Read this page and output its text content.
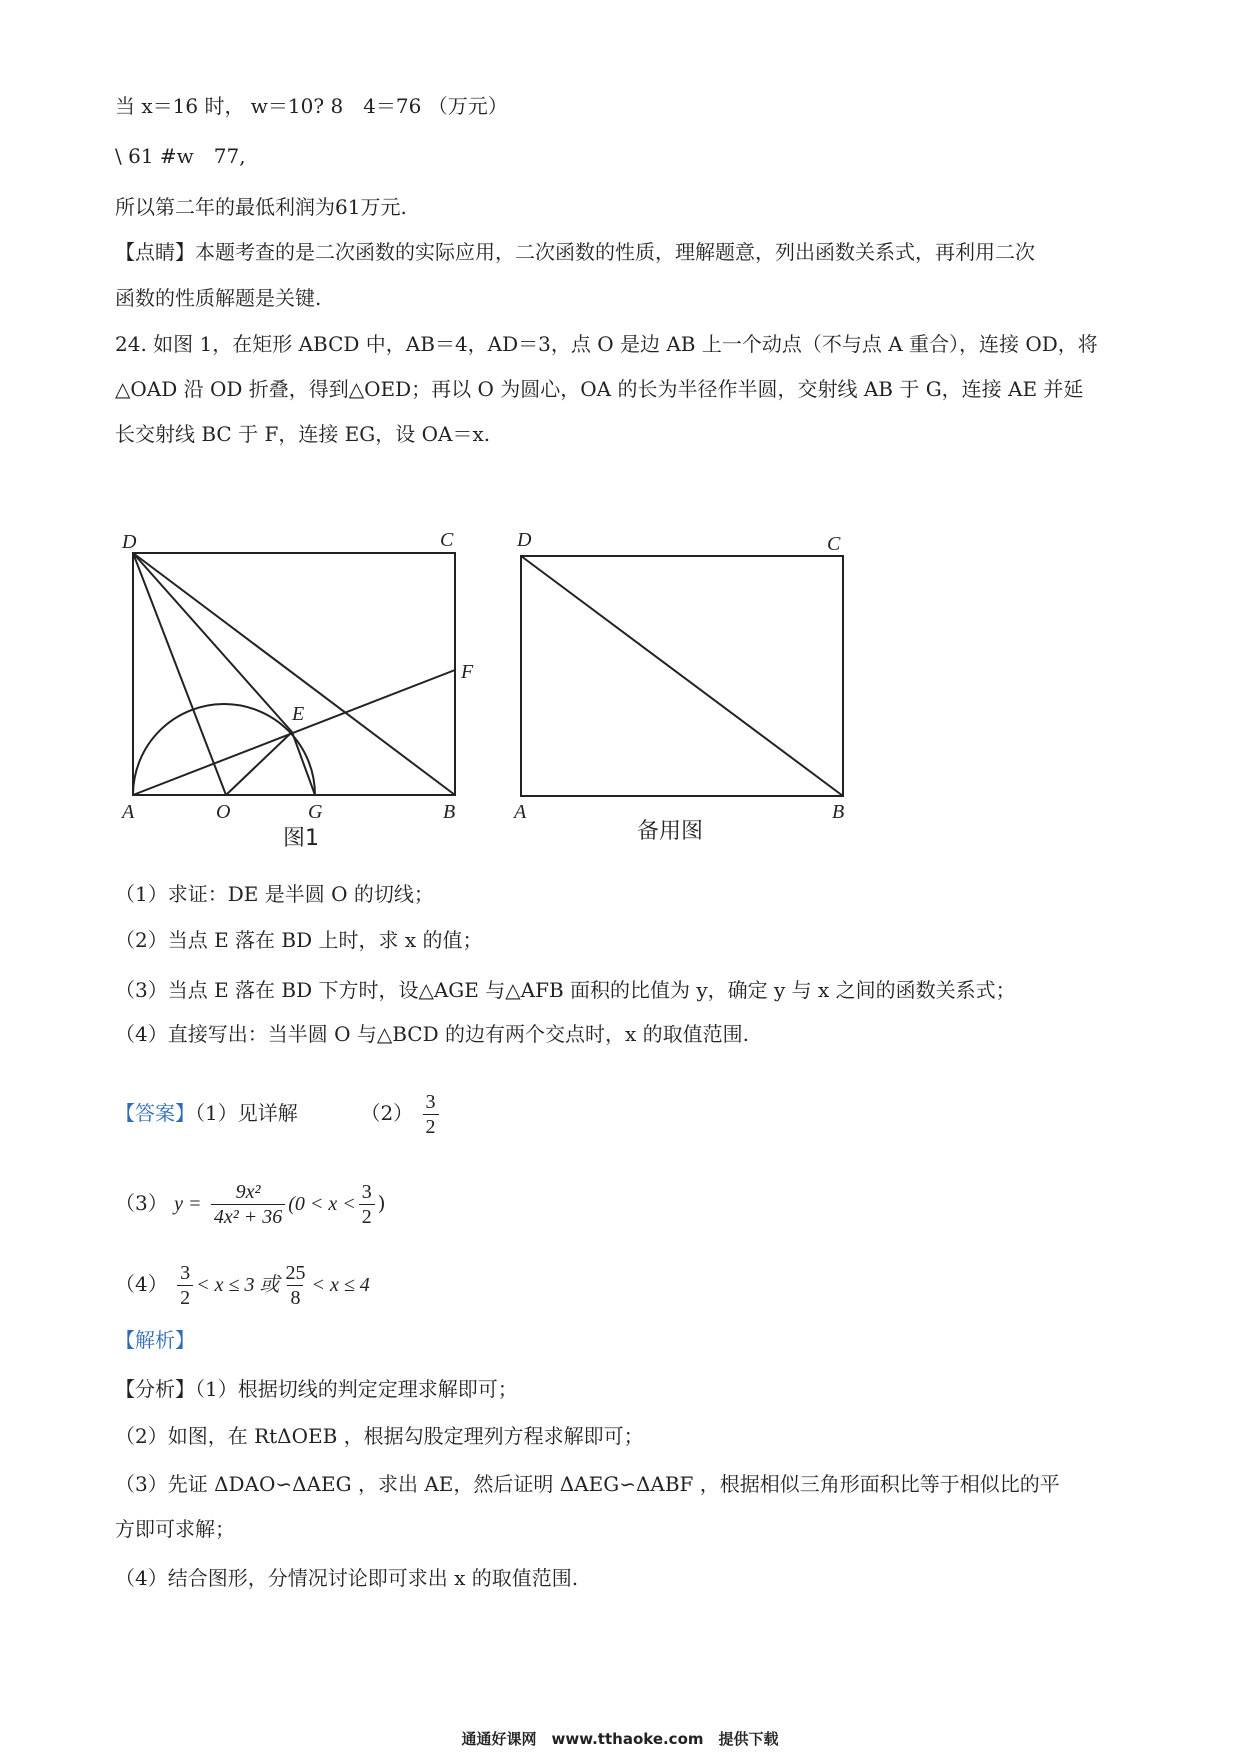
当 x＝16 时， w＝10? 8　4＝76 （万元）
\ 61 #w　77,
所以第二年的最低利润为61万元.
【点睛】本题考查的是二次函数的实际应用，二次函数的性质，理解题意，列出函数关系式，再利用二次
函数的性质解题是关键.
24. 如图 1，在矩形 ABCD 中，AB＝4，AD＝3，点 O 是边 AB 上一个动点（不与点 A 重合），连接 OD，将
△OAD 沿 OD 折叠，得到△OED；再以 O 为圆心，OA 的长为半径作半圆，交射线 AB 于 G，连接 AE 并延
长交射线 BC 于 F，连接 EG，设 OA＝x.
D	C
F
E
A	O	G	B
图1
D	C
A	B
备用图
（1）求证：DE 是半圆 O 的切线；
（2）当点 E 落在 BD 上时，求 x 的值；
（3）当点 E 落在 BD 下方时，设△AGE 与△AFB 面积的比值为 y，确定 y 与 x 之间的函数关系式；
（4）直接写出：当半圆 O 与△BCD 的边有两个交点时，x 的取值范围.
【答案】（1）见详解	$(2) \frac{3}{2}$
（3） $y = \frac{\text{9x²}}{\text{4x² + 36}} (0 < x < \frac{3}{2}$ )
$(4) \frac{3}{2} < x \le 3$ 或 $\frac{25}{8} < x \le 4$
【解析】
【分析】（1）根据切线的判定定理求解即可；
（2）如图，在 RtΔOEB ，根据勾股定理列方程求解即可；
（3）先证 ΔDAO∽ΔAEG ，求出 AE，然后证明 ΔAEG∽ΔABF ，根据相似三角形面积比等于相似比的平
方即可求解；
（4）结合图形，分情况讨论即可求出 x 的取值范围.
通通好课网　www.tthaoke.com　提供下载
